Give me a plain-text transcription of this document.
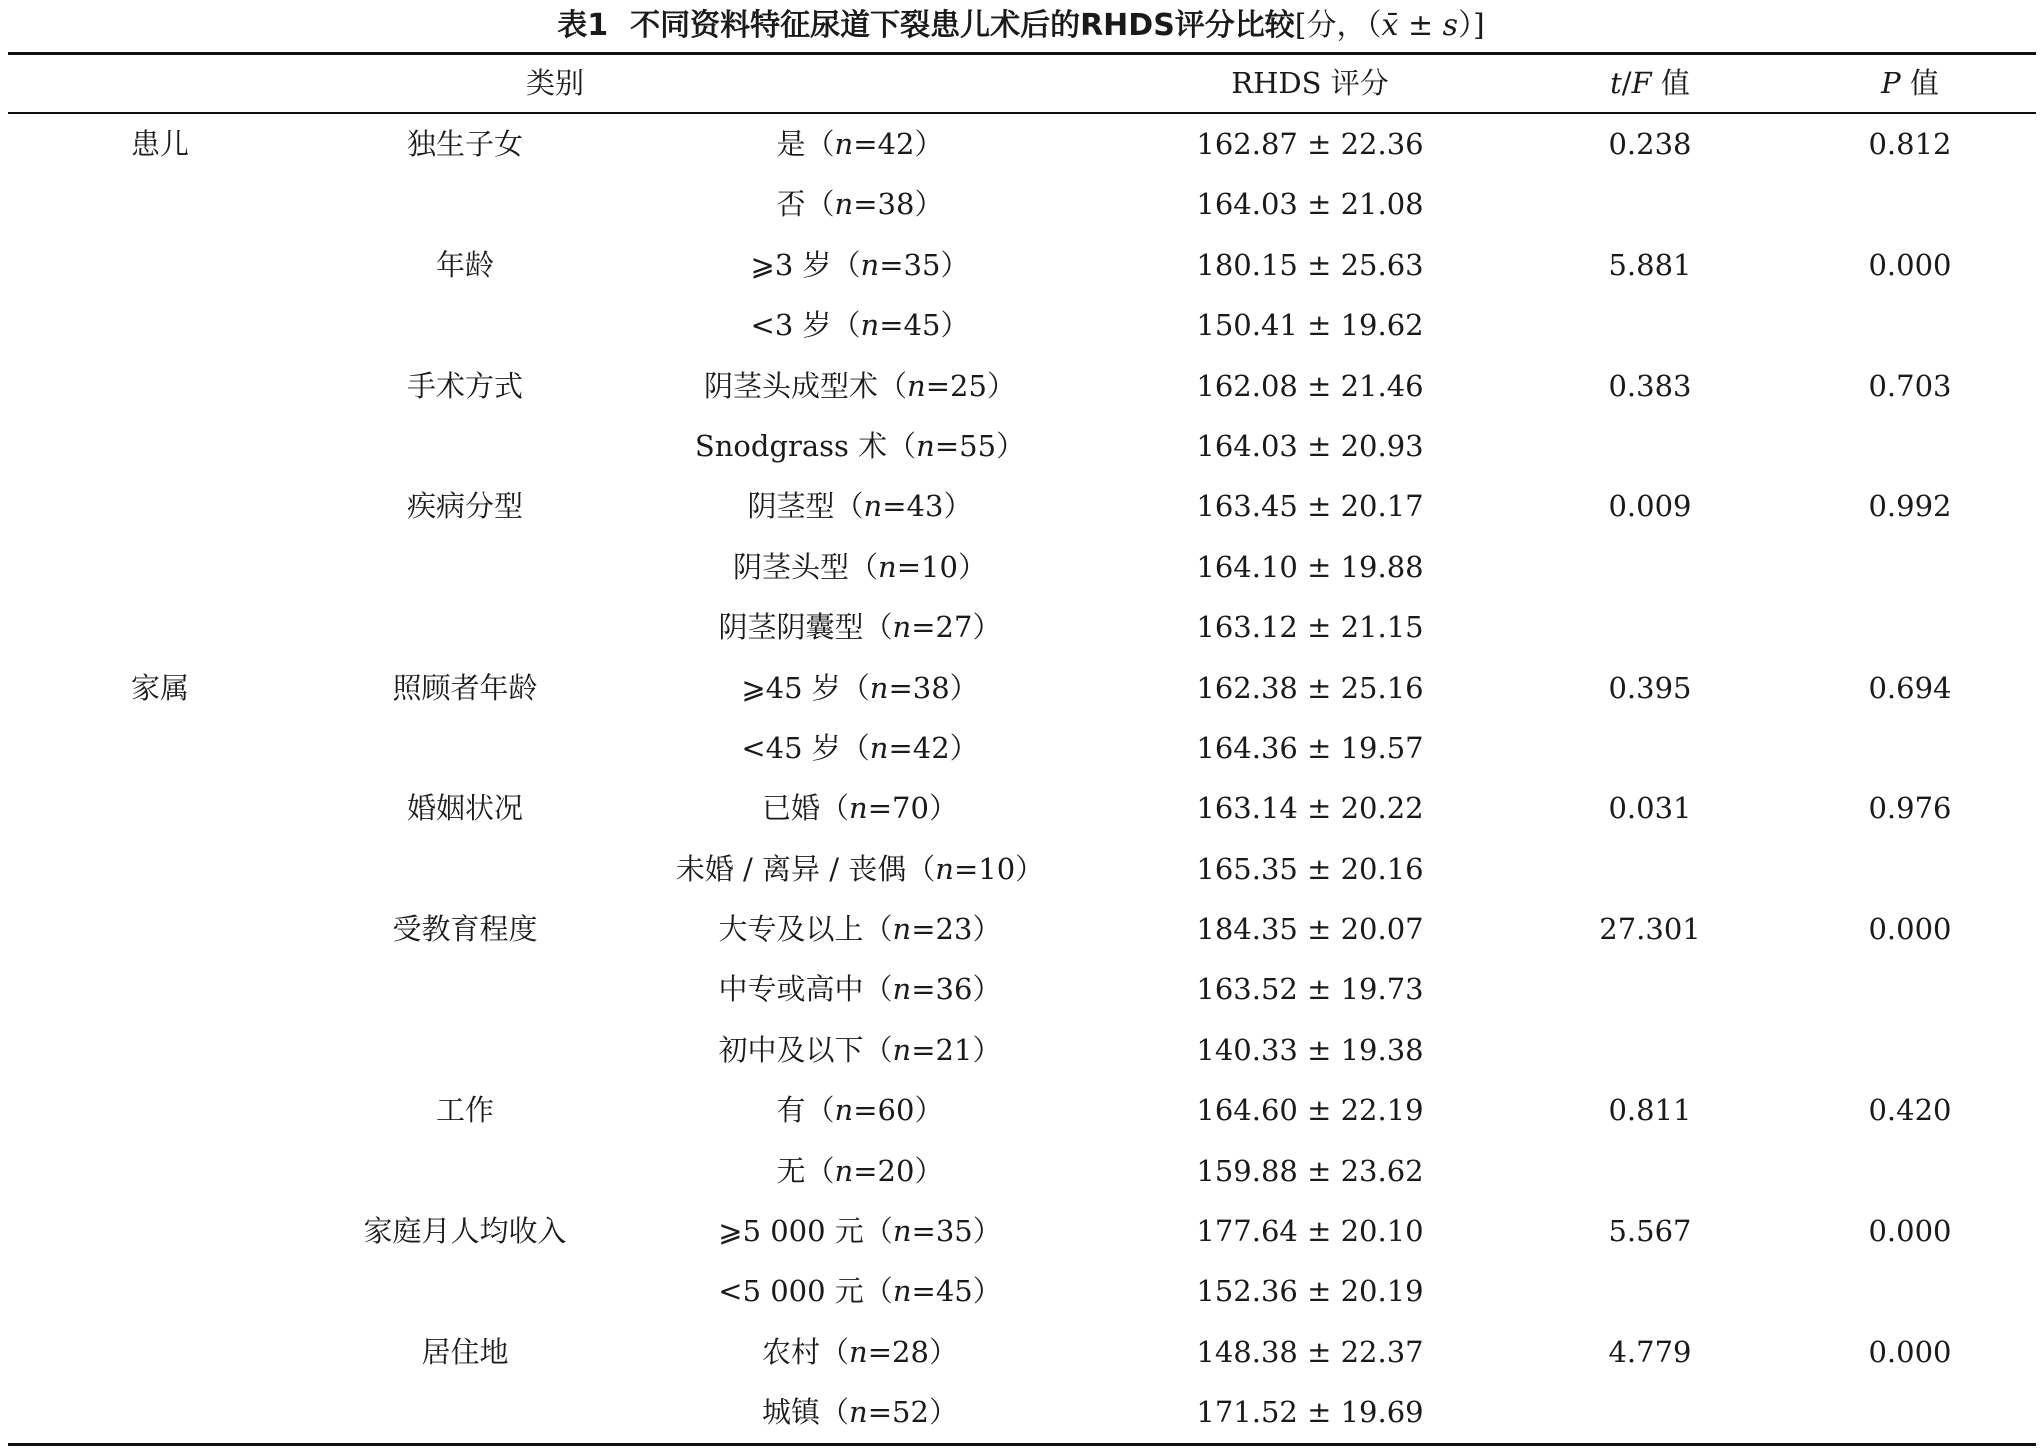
表1 不同资料特征尿道下裂患儿术后的RHDS评分比较[分，（x̄ ± s）]
类别	RHDS 评分	t/F 值	P 值
患儿	独生子女	是（n=42）	162.87 ± 22.36	0.238	0.812
否（n=38）	164.03 ± 21.08
年龄	⩾3 岁（n=35）	180.15 ± 25.63	5.881	0.000
<3 岁（n=45）	150.41 ± 19.62
手术方式	阴茎头成型术（n=25）	162.08 ± 21.46	0.383	0.703
Snodgrass 术（n=55）	164.03 ± 20.93
疾病分型	阴茎型（n=43）	163.45 ± 20.17	0.009	0.992
阴茎头型（n=10）	164.10 ± 19.88
阴茎阴囊型（n=27）	163.12 ± 21.15
家属	照顾者年龄	⩾45 岁（n=38）	162.38 ± 25.16	0.395	0.694
<45 岁（n=42）	164.36 ± 19.57
婚姻状况	已婚（n=70）	163.14 ± 20.22	0.031	0.976
未婚 / 离异 / 丧偶（n=10）	165.35 ± 20.16
受教育程度	大专及以上（n=23）	184.35 ± 20.07	27.301	0.000
中专或高中（n=36）	163.52 ± 19.73
初中及以下（n=21）	140.33 ± 19.38
工作	有（n=60）	164.60 ± 22.19	0.811	0.420
无（n=20）	159.88 ± 23.62
家庭月人均收入	⩾5 000 元（n=35）	177.64 ± 20.10	5.567	0.000
<5 000 元（n=45）	152.36 ± 20.19
居住地	农村（n=28）	148.38 ± 22.37	4.779	0.000
城镇（n=52）	171.52 ± 19.69
